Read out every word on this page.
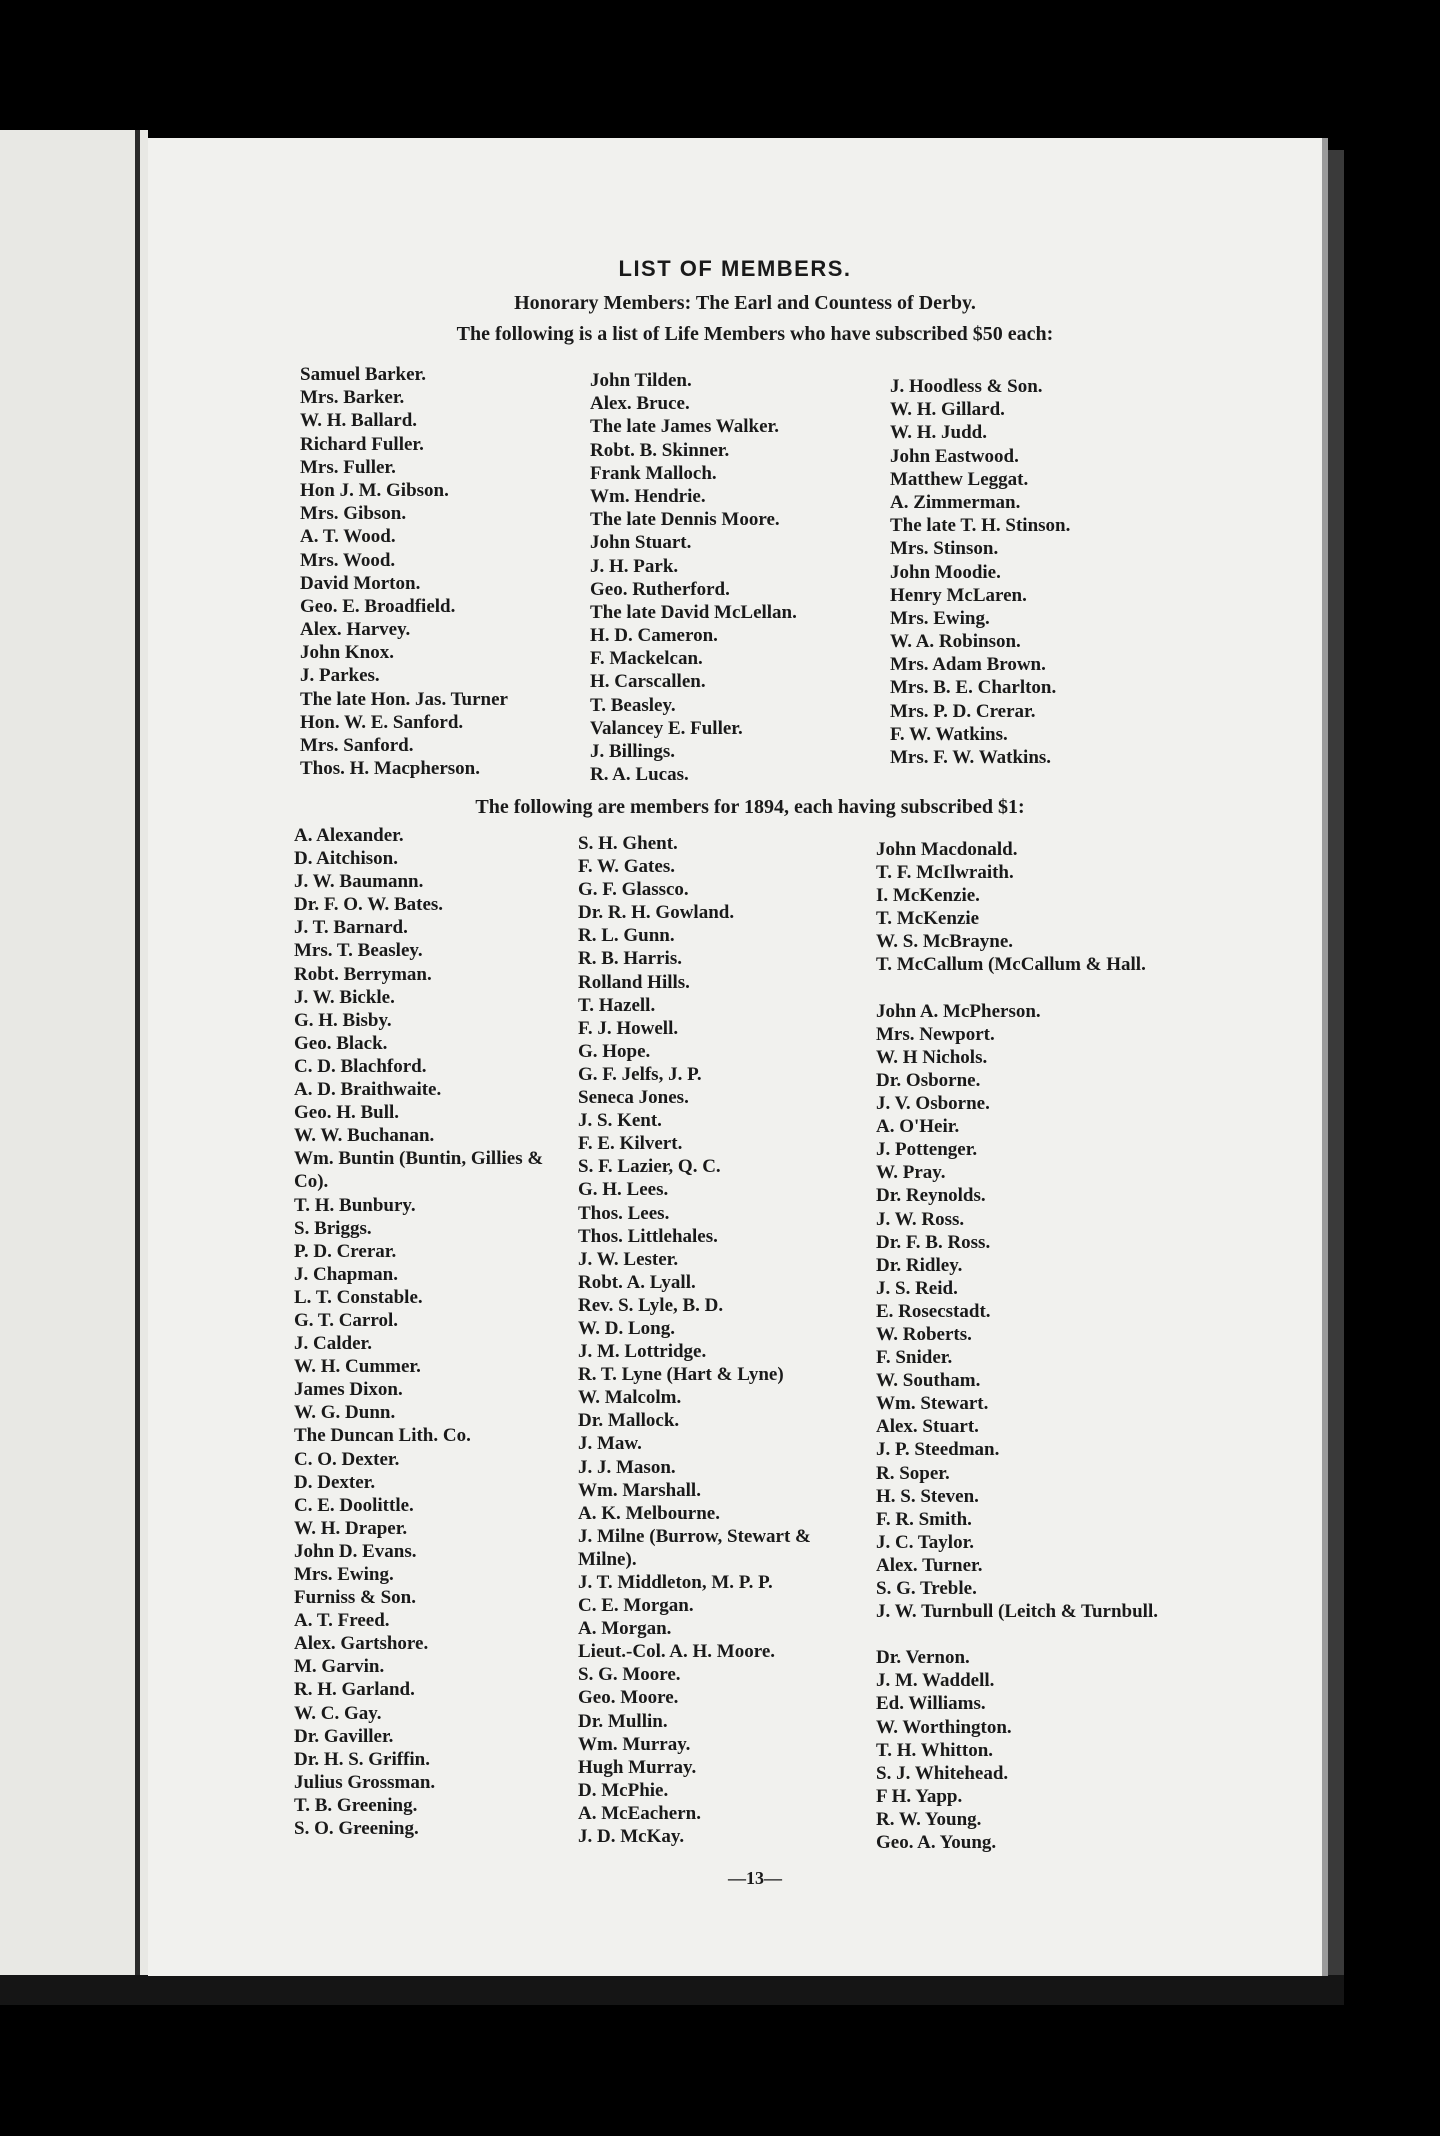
LIST OF MEMBERS.
Honorary Members: The Earl and Countess of Derby.
The following is a list of Life Members who have subscribed $50 each:
Samuel Barker.
Mrs. Barker.
W. H. Ballard.
Richard Fuller.
Mrs. Fuller.
Hon J. M. Gibson.
Mrs. Gibson.
A. T. Wood.
Mrs. Wood.
David Morton.
Geo. E. Broadfield.
Alex. Harvey.
John Knox.
J. Parkes.
The late Hon. Jas. Turner
Hon. W. E. Sanford.
Mrs. Sanford.
Thos. H. Macpherson.
John Tilden.
Alex. Bruce.
The late James Walker.
Robt. B. Skinner.
Frank Malloch.
Wm. Hendrie.
The late Dennis Moore.
John Stuart.
J. H. Park.
Geo. Rutherford.
The late David McLellan.
H. D. Cameron.
F. Mackelcan.
H. Carscallen.
T. Beasley.
Valancey E. Fuller.
J. Billings.
R. A. Lucas.
J. Hoodless & Son.
W. H. Gillard.
W. H. Judd.
John Eastwood.
Matthew Leggat.
A. Zimmerman.
The late T. H. Stinson.
Mrs. Stinson.
John Moodie.
Henry McLaren.
Mrs. Ewing.
W. A. Robinson.
Mrs. Adam Brown.
Mrs. B. E. Charlton.
Mrs. P. D. Crerar.
F. W. Watkins.
Mrs. F. W. Watkins.
The following are members for 1894, each having subscribed $1:
A. Alexander.
D. Aitchison.
J. W. Baumann.
Dr. F. O. W. Bates.
J. T. Barnard.
Mrs. T. Beasley.
Robt. Berryman.
J. W. Bickle.
G. H. Bisby.
Geo. Black.
C. D. Blachford.
A. D. Braithwaite.
Geo. H. Bull.
W. W. Buchanan.
Wm. Buntin (Buntin, Gillies & Co).
T. H. Bunbury.
S. Briggs.
P. D. Crerar.
J. Chapman.
L. T. Constable.
G. T. Carrol.
J. Calder.
W. H. Cummer.
James Dixon.
W. G. Dunn.
The Duncan Lith. Co.
C. O. Dexter.
D. Dexter.
C. E. Doolittle.
W. H. Draper.
John D. Evans.
Mrs. Ewing.
Furniss & Son.
A. T. Freed.
Alex. Gartshore.
M. Garvin.
R. H. Garland.
W. C. Gay.
Dr. Gaviller.
Dr. H. S. Griffin.
Julius Grossman.
T. B. Greening.
S. O. Greening.
S. H. Ghent.
F. W. Gates.
G. F. Glassco.
Dr. R. H. Gowland.
R. L. Gunn.
R. B. Harris.
Rolland Hills.
T. Hazell.
F. J. Howell.
G. Hope.
G. F. Jelfs, J. P.
Seneca Jones.
J. S. Kent.
F. E. Kilvert.
S. F. Lazier, Q. C.
G. H. Lees.
Thos. Lees.
Thos. Littlehales.
J. W. Lester.
Robt. A. Lyall.
Rev. S. Lyle, B. D.
W. D. Long.
J. M. Lottridge.
R. T. Lyne (Hart & Lyne)
W. Malcolm.
Dr. Mallock.
J. Maw.
J. J. Mason.
Wm. Marshall.
A. K. Melbourne.
J. Milne (Burrow, Stewart & Milne).
J. T. Middleton, M. P. P.
C. E. Morgan.
A. Morgan.
Lieut.-Col. A. H. Moore.
S. G. Moore.
Geo. Moore.
Dr. Mullin.
Wm. Murray.
Hugh Murray.
D. McPhie.
A. McEachern.
J. D. McKay.
John Macdonald.
T. F. McIlwraith.
I. McKenzie.
T. McKenzie
W. S. McBrayne.
T. McCallum (McCallum & Hall.
John A. McPherson.
Mrs. Newport.
W. H Nichols.
Dr. Osborne.
J. V. Osborne.
A. O'Heir.
J. Pottenger.
W. Pray.
Dr. Reynolds.
J. W. Ross.
Dr. F. B. Ross.
Dr. Ridley.
J. S. Reid.
E. Rosecstadt.
W. Roberts.
F. Snider.
W. Southam.
Wm. Stewart.
Alex. Stuart.
J. P. Steedman.
R. Soper.
H. S. Steven.
F. R. Smith.
J. C. Taylor.
Alex. Turner.
S. G. Treble.
J. W. Turnbull (Leitch & Turnbull.
Dr. Vernon.
J. M. Waddell.
Ed. Williams.
W. Worthington.
T. H. Whitton.
S. J. Whitehead.
F H. Yapp.
R. W. Young.
Geo. A. Young.
—13—
